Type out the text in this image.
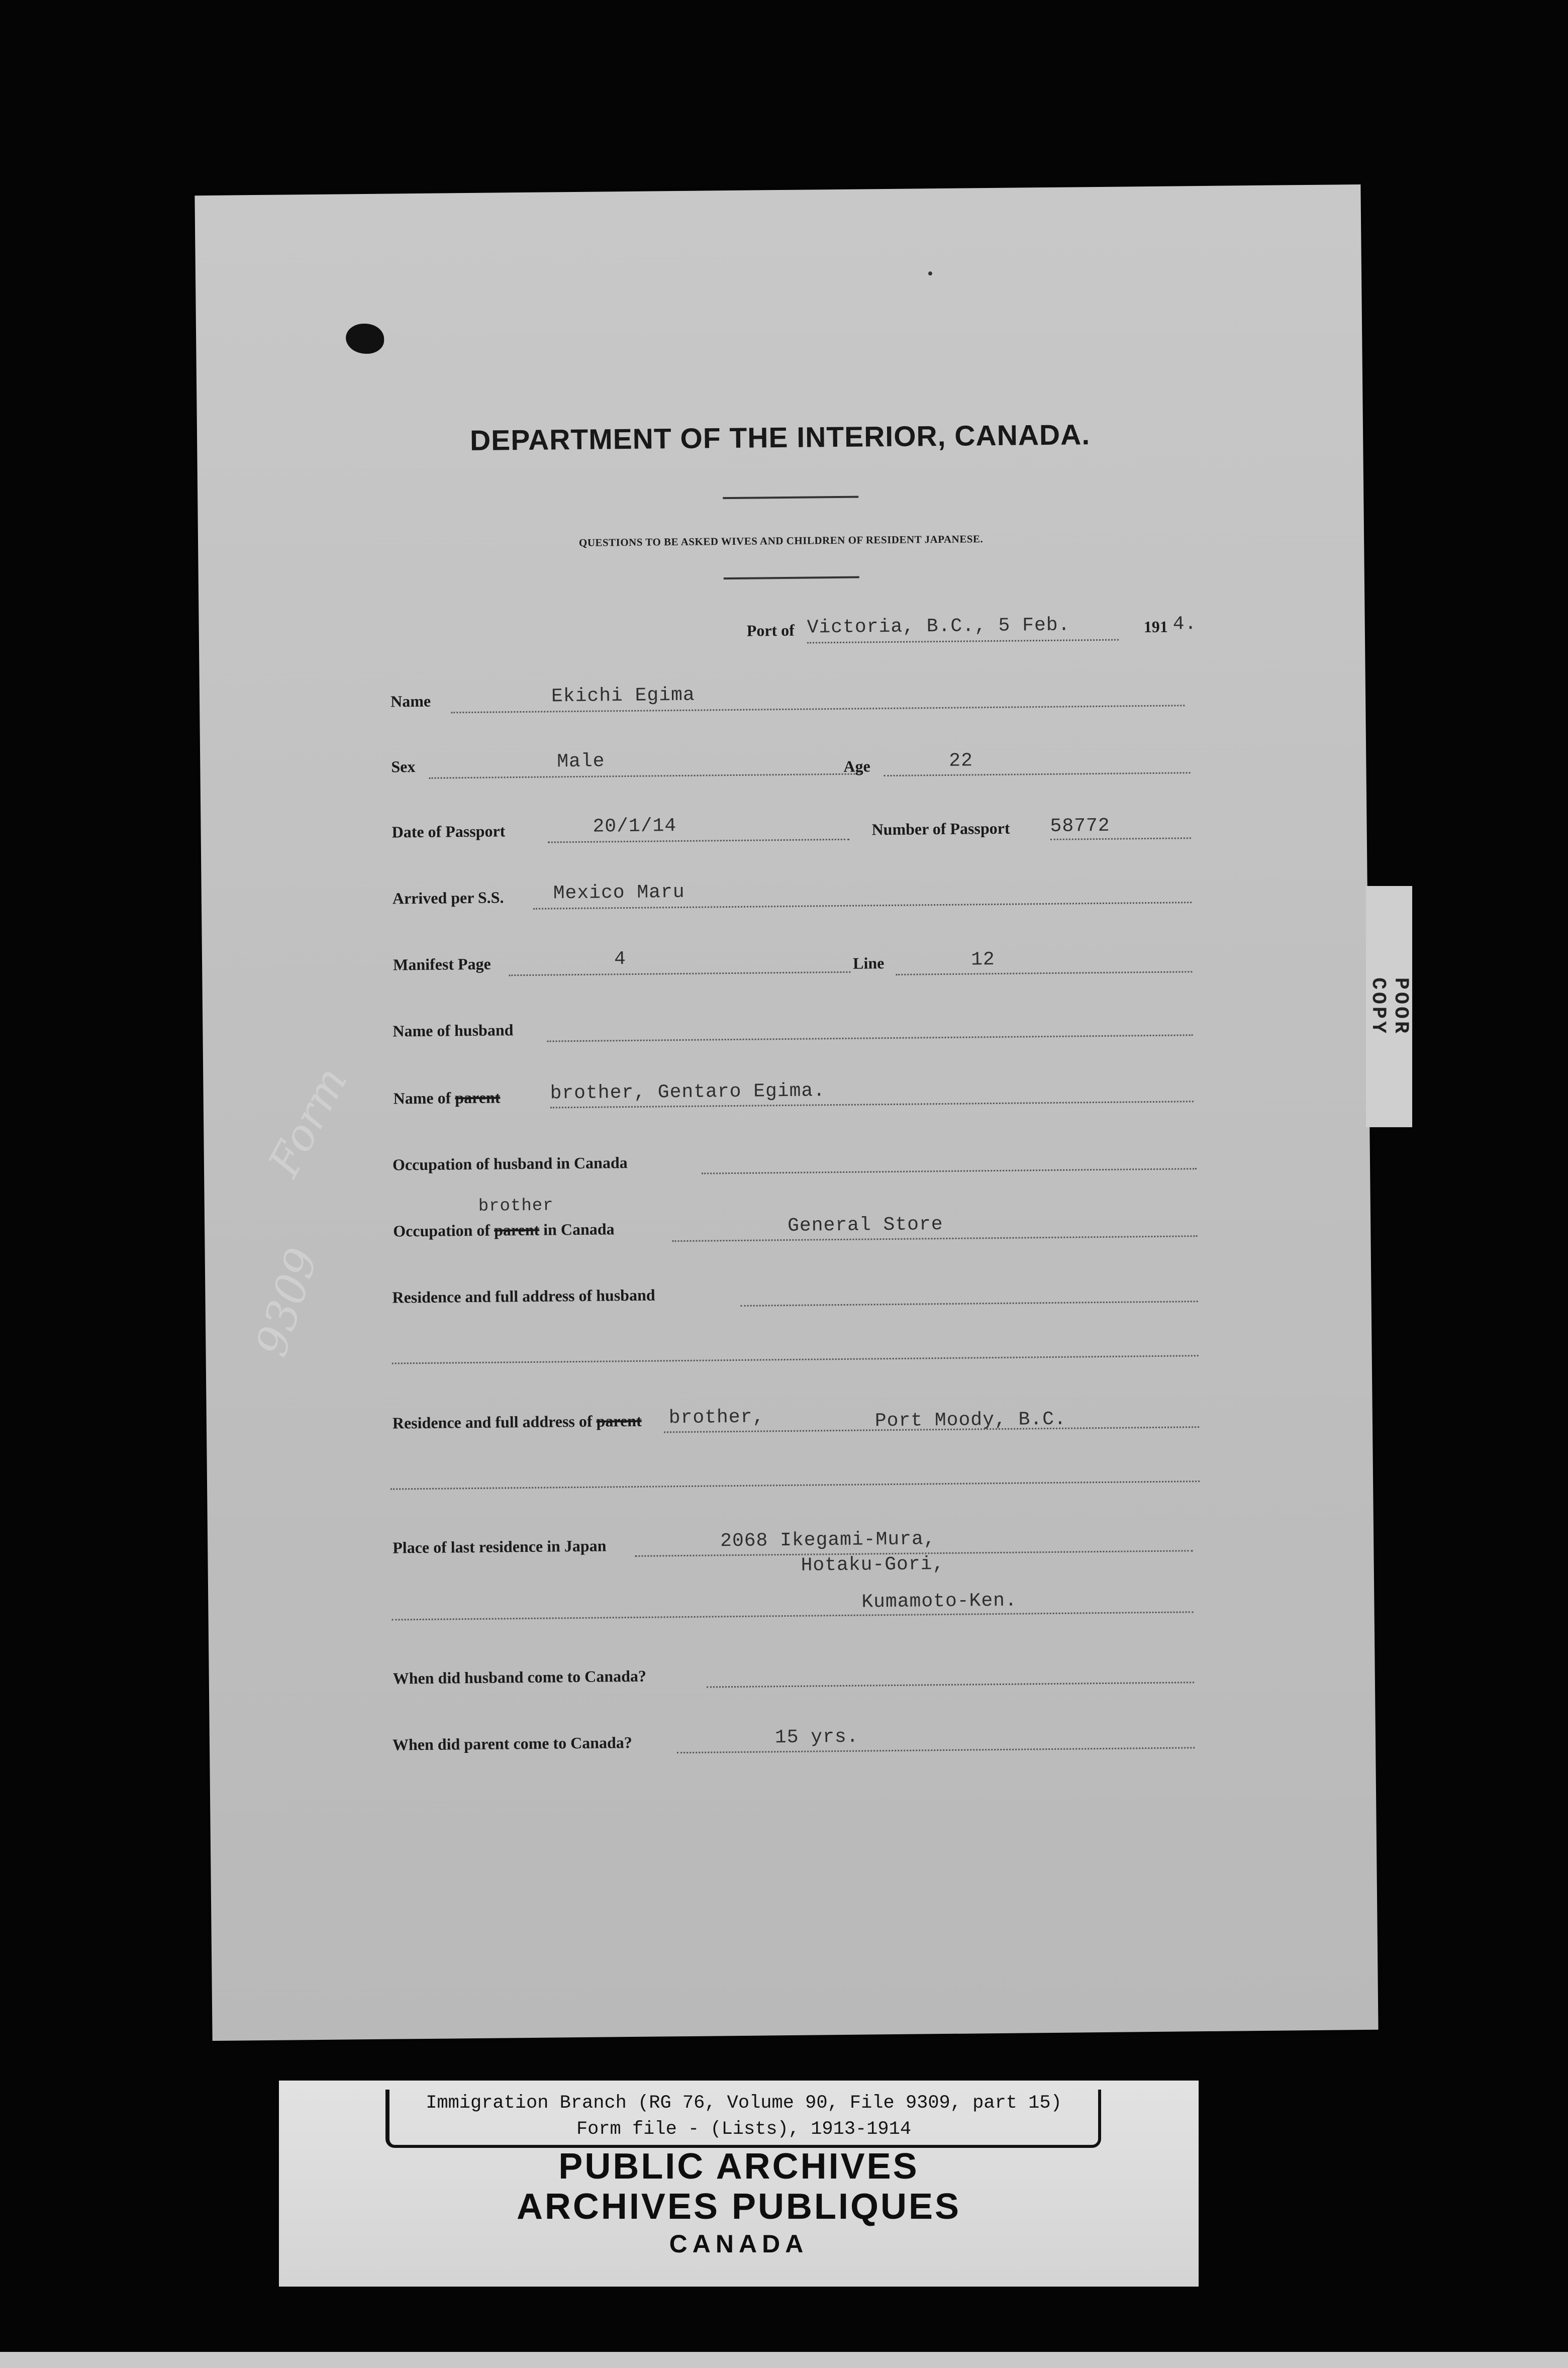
DEPARTMENT OF THE INTERIOR, CANADA.
QUESTIONS TO BE ASKED WIVES AND CHILDREN OF RESIDENT JAPANESE.
Port of Victoria, B.C., 5 Feb.	191 4.
Name	Ekichi Egima
Sex	Male	Age	22
Date of Passport	20/1/14	Number of Passport 58772
Arrived per S.S.	Mexico Maru
Manifest Page	4	Line	12
Name of husband
Name of parent	brother, Gentaro Egima.
Occupation of husband in Canada
brother
Occupation of parent in Canada	General Store
Residence and full address of husband
Residence and full address of parent brother,	Port Moody, B.C.
Place of last residence in Japan	2068 Ikegami-Mura,
Hotaku-Gori,
Kumamoto-Ken.
When did husband come to Canada?
When did parent come to Canada?	15 yrs.
Form
9309
POOR COPY
Immigration Branch (RG 76, Volume 90, File 9309, part 15)
Form file - (Lists), 1913-1914
PUBLIC ARCHIVES
ARCHIVES PUBLIQUES
CANADA
